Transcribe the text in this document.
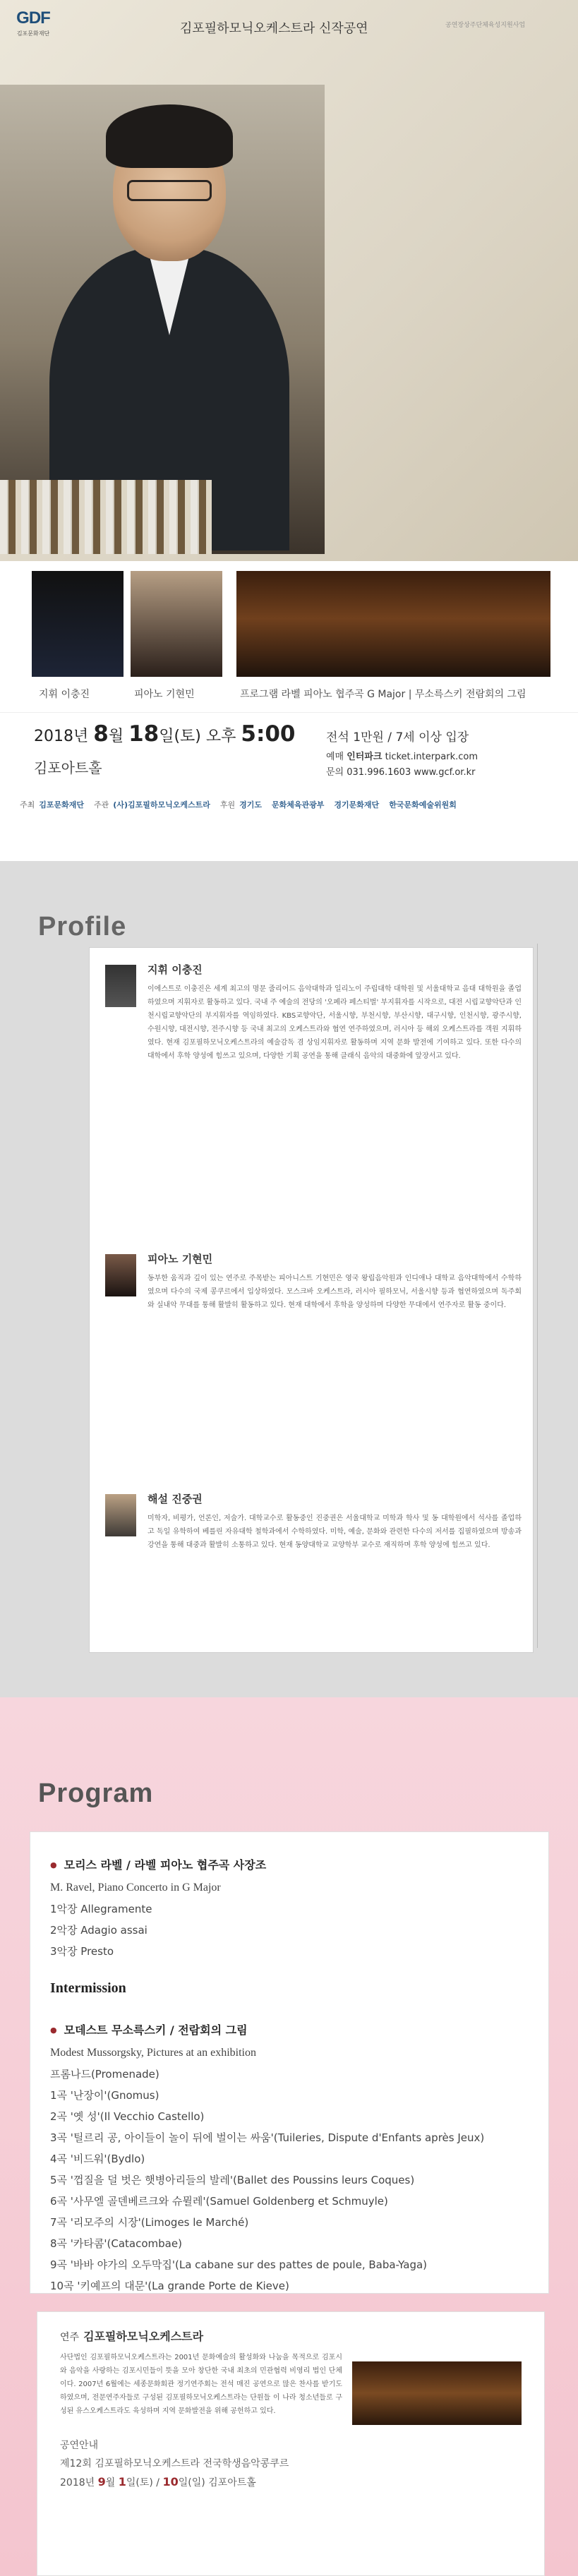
GDF
김포문화재단	김포필하모닉오케스트라 신작공연	공연장상주단체육성지원사업
지휘 이충진	피아노 기현민	프로그램 라벨 피아노 협주곡 G Major | 무소륵스키 전람회의 그림
2018년 8월 18일(토) 오후 5:00
김포아트홀
전석 1만원 / 7세 이상 입장
예매 인터파크 ticket.interpark.com
문의 031.996.1603 www.gcf.or.kr
주최 김포문화재단 주관 (사)김포필하모닉오케스트라 후원 경기도 문화체육관광부 경기문화재단 한국문화예술위원회
Profile
지휘 이충진
이에스트로 이충진은 세계 최고의 명문 줄리어드 음악대학과 일리노이 주립대학 대학원 및 서울대학교 음대 대학원을 졸업하였으며 지휘자로 활동하고 있다. 국내 주 예술의 전당의 '오페라 페스티벌' 부지휘자를 시작으로, 대전 시립교향악단과 인천시립교향악단의 부지휘자를 역임하였다. KBS교향악단, 서울시향, 부천시향, 부산시향, 대구시향, 인천시향, 광주시향, 수원시향, 대전시향, 전주시향 등 국내 최고의 오케스트라와 협연 연주하였으며, 러시아 등 해외 오케스트라를 객원 지휘하였다. 현재 김포필하모닉오케스트라의 예술감독 겸 상임지휘자로 활동하며 지역 문화 발전에 기여하고 있다. 또한 다수의 대학에서 후학 양성에 힘쓰고 있으며, 다양한 기획 공연을 통해 클래식 음악의 대중화에 앞장서고 있다.
피아노 기현민
동부한 움직과 깊이 있는 연주로 주목받는 피아니스트 기현민은 영국 왕립음악원과 인디애나 대학교 음악대학에서 수학하였으며 다수의 국제 콩쿠르에서 입상하였다. 모스크바 오케스트라, 러시아 필하모닉, 서울시향 등과 협연하였으며 독주회와 실내악 무대를 통해 활발히 활동하고 있다. 현재 대학에서 후학을 양성하며 다양한 무대에서 연주자로 활동 중이다.
해설 진중권
미학자, 비평가, 언론인, 저술가. 대학교수로 활동중인 진중권은 서울대학교 미학과 학사 및 동 대학원에서 석사를 졸업하고 독일 유학하여 베를린 자유대학 철학과에서 수학하였다. 미학, 예술, 문화와 관련한 다수의 저서를 집필하였으며 방송과 강연을 통해 대중과 활발히 소통하고 있다. 현재 동양대학교 교양학부 교수로 재직하며 후학 양성에 힘쓰고 있다.
Program
● 모리스 라벨 / 라벨 피아노 협주곡 사장조
M. Ravel, Piano Concerto in G Major
1악장 Allegramente
2악장 Adagio assai
3악장 Presto
Intermission
● 모데스트 무소륵스키 / 전람회의 그림
Modest Mussorgsky, Pictures at an exhibition
프롬나드(Promenade)
1곡 '난장이'(Gnomus)
2곡 '옛 성'(Il Vecchio Castello)
3곡 '틸르리 공, 아이들이 놀이 뒤에 벌이는 싸움'(Tuileries, Dispute d'Enfants après Jeux)
4곡 '비드워'(Bydlo)
5곡 '껍질을 덜 벗은 햇병아리들의 발레'(Ballet des Poussins leurs Coques)
6곡 '사무엘 골덴베르크와 슈뮐레'(Samuel Goldenberg et Schmuyle)
7곡 '리모주의 시장'(Limoges le Marché)
8곡 '카타콤'(Catacombae)
9곡 '바바 야가의 오두막집'(La cabane sur des pattes de poule, Baba-Yaga)
10곡 '키예프의 대문'(La grande Porte de Kieve)
연주 김포필하모닉오케스트라
사단법인 김포필하모닉오케스트라는 2001년 문화예술의 활성화와 나눔을 목적으로 김포시와 음악을 사랑하는 김포시민들이 뜻을 모아 창단한 국내 최초의 민관협력 비영리 법인 단체이다. 2007년 6월에는 세종문화회관 정기연주회는 전석 매진 공연으로 많은 찬사를 받기도 하였으며, 전문연주자들로 구성된 김포필하모닉오케스트라는 단원들 이 나라 청소년들로 구성된 유스오케스트라도 육성하며 지역 문화발전을 위해 공헌하고 있다.
공연안내
제12회 김포필하모닉오케스트라 전국학생음악콩쿠르
2018년 9월 1일(토) / 10일(일) 김포아트홀
